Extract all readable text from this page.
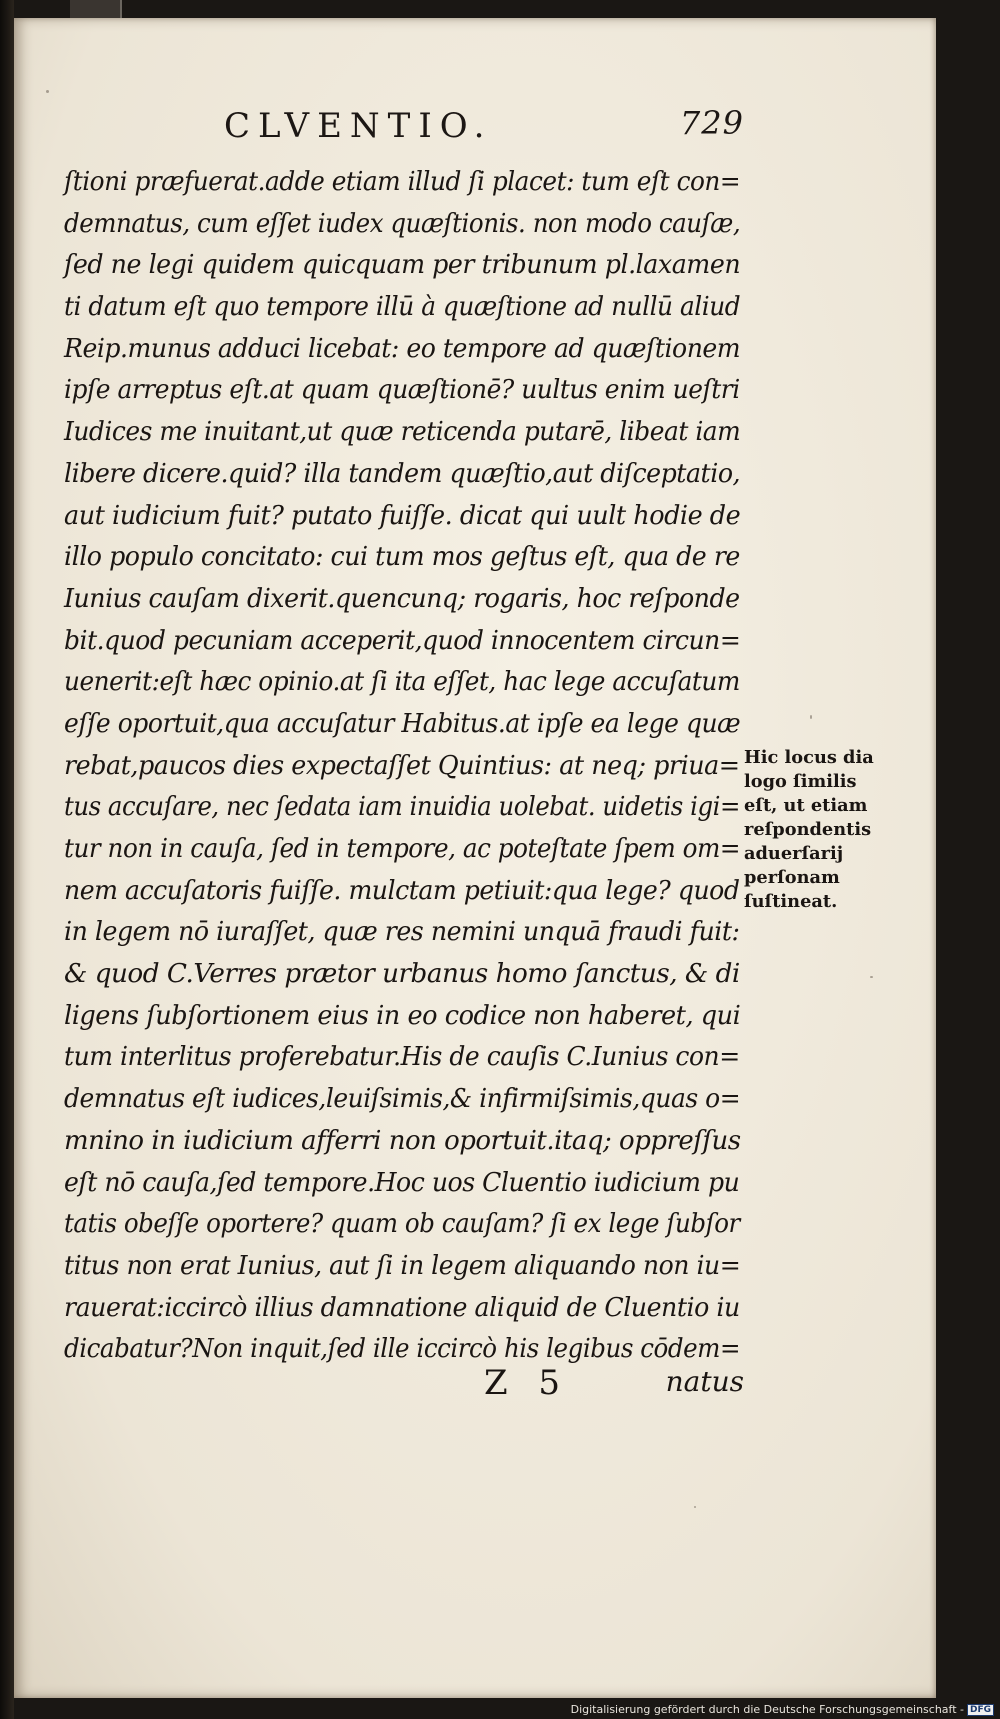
CLVENTIO.	729
ſtioni præfuerat.adde etiam illud ſi placet: tum eſt con=
demnatus, cum eſſet iudex quæſtionis. non modo cauſæ,
ſed ne legi quidem quicquam per tribunum pl.laxamen
ti datum eſt quo tempore illū à quæſtione ad nullū aliud
Reip.munus adduci licebat: eo tempore ad quæſtionem
ipſe arreptus eſt.at quam quæſtionē? uultus enim ueſtri
Iudices me inuitant,ut quæ reticenda putarē, libeat iam
libere dicere.quid? illa tandem quæſtio,aut diſceptatio,
aut iudicium fuit? putato fuiſſe. dicat qui uult hodie de
illo populo concitato: cui tum mos geſtus eſt, qua de re
Iunius cauſam dixerit.quencunq; rogaris, hoc reſponde
bit.quod pecuniam acceperit,quod innocentem circun=
uenerit:eſt hæc opinio.at ſi ita eſſet, hac lege accuſatum
eſſe oportuit,qua accuſatur Habitus.at ipſe ea lege quæ
rebat,paucos dies expectaſſet Quintius: at neq; priua=
tus accuſare, nec ſedata iam inuidia uolebat. uidetis igi=
tur non in cauſa, ſed in tempore, ac poteſtate ſpem om=
nem accuſatoris fuiſſe. mulctam petiuit:qua lege? quod
in legem nō iuraſſet, quæ res nemini unquā fraudi fuit:
& quod C.Verres prætor urbanus homo ſanctus, & di
ligens ſubſortionem eius in eo codice non haberet, qui
tum interlitus proferebatur.His de cauſis C.Iunius con=
demnatus eſt iudices,leuiſsimis,& infirmiſsimis,quas o=
mnino in iudicium afferri non oportuit.itaq; oppreſſus
eſt nō cauſa,ſed tempore.Hoc uos Cluentio iudicium pu
tatis obeſſe oportere? quam ob cauſam? ſi ex lege ſubſor
titus non erat Iunius, aut ſi in legem aliquando non iu=
rauerat:iccircò illius damnatione aliquid de Cluentio iu
dicabatur?Non inquit,ſed ille iccircò his legibus cōdem=
Hic locus dia
logo ſimilis
eſt, ut etiam
reſpondentis
aduerſarij
perſonam
ſuſtineat.
Z 5	natus
Digitalisierung gefördert durch die Deutsche Forschungsgemeinschaft - DFG
